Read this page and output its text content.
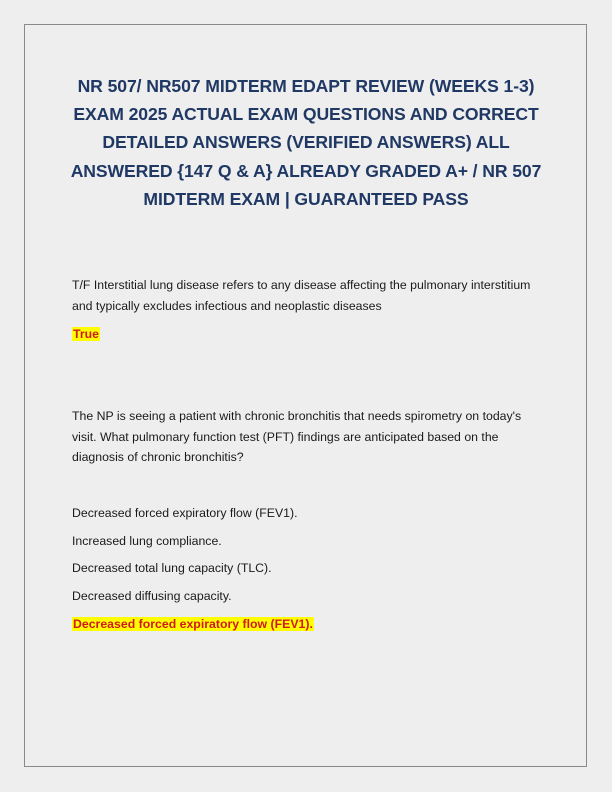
NR 507/ NR507 MIDTERM EDAPT REVIEW (WEEKS 1-3) EXAM 2025 ACTUAL EXAM QUESTIONS AND CORRECT DETAILED ANSWERS (VERIFIED ANSWERS) ALL ANSWERED {147 Q & A} ALREADY GRADED A+ / NR 507 MIDTERM EXAM | GUARANTEED PASS

T/F Interstitial lung disease refers to any disease affecting the pulmonary interstitium and typically excludes infectious and neoplastic diseases

True

The NP is seeing a patient with chronic bronchitis that needs spirometry on today's visit. What pulmonary function test (PFT) findings are anticipated based on the diagnosis of chronic bronchitis?

Decreased forced expiratory flow (FEV1).

Increased lung compliance.

Decreased total lung capacity (TLC).

Decreased diffusing capacity.

Decreased forced expiratory flow (FEV1).
